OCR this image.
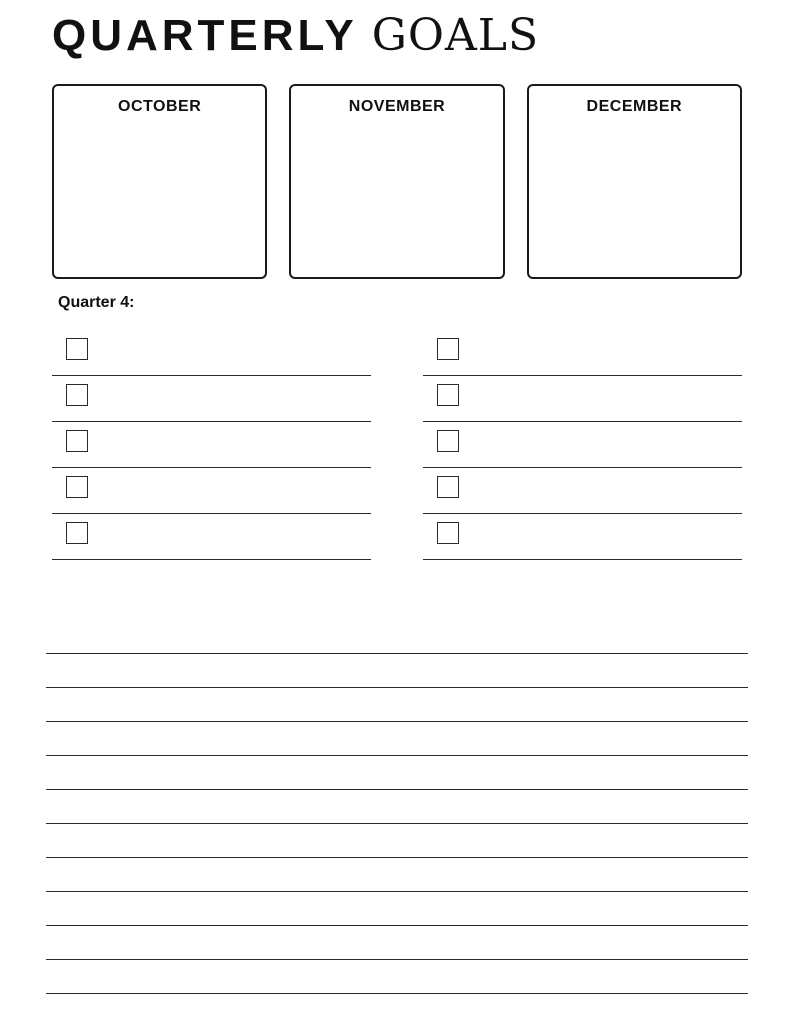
QUARTERLY GOALS
OCTOBER	NOVEMBER	DECEMBER
Quarter 4:
